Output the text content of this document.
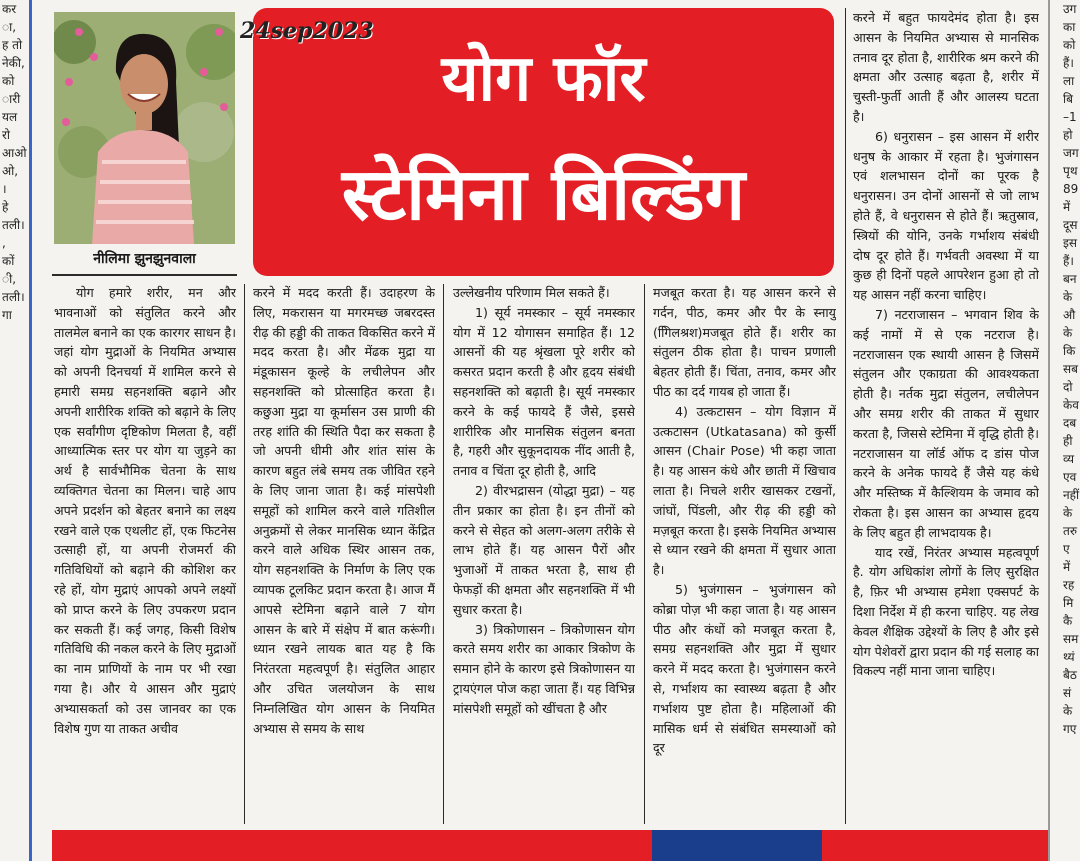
कर
ा,
ह तो
नेकी,
को
ारी
यल
रो
आओ
ओ,
।
हे
तली।
,
कों
ी,
तली।
गा
उग
का
को
हैं।
ला
बि
–1
हो
जग
पृथ
89
में
दूस
इस
हैं।
बन
के
औ
के
कि
सब
दो
केव
दब
ही
व्य
एव
नहीं
के
तरु
ए
में
रह
मि
कै
सम
थ्यं
बैठ
सं
के
गए
नीलिमा झुनझुनवाला
योग फॉर
स्टेमिना बिल्डिंग
24sep2023

योग हमारे शरीर, मन और भावनाओं को संतुलित करने और तालमेल बनाने का एक कारगर साधन है। जहां योग मुद्राओं के नियमित अभ्यास को अपनी दिनचर्या में शामिल करने से हमारी समग्र सहनशक्ति बढ़ाने और अपनी शारीरिक शक्ति को बढ़ाने के लिए एक सर्वांगीण दृष्टिकोण मिलता है, वहीं आध्यात्मिक स्तर पर योग या जुड़ने का अर्थ है सार्वभौमिक चेतना के साथ व्यक्तिगत चेतना का मिलन। चाहे आप अपने प्रदर्शन को बेहतर बनाने का लक्ष्य रखने वाले एक एथलीट हों, एक फिटनेस उत्साही हों, या अपनी रोजमर्रा की गतिविधियों को बढ़ाने की कोशिश कर रहे हों, योग मुद्राएं आपको अपने लक्ष्यों को प्राप्त करने के लिए उपकरण प्रदान कर सकती हैं। कई जगह, किसी विशेष गतिविधि की नकल करने के लिए मुद्राओं का नाम प्राणियों के नाम पर भी रखा गया है। और ये आसन और मुद्राएं अभ्यासकर्ता को उस जानवर का एक विशेष गुण या ताकत अचीव

करने में मदद करती हैं। उदाहरण के लिए, मकरासन या मगरमच्छ जबरदस्त रीढ़ की हड्डी की ताकत विकसित करने में मदद करता है। और मेंढक मुद्रा या मंडूकासन कूल्हे के लचीलेपन और सहनशक्ति को प्रोत्साहित करता है। कछुआ मुद्रा या कूर्मासन उस प्राणी की तरह शांति की स्थिति पैदा कर सकता है जो अपनी धीमी और शांत सांस के कारण बहुत लंबे समय तक जीवित रहने के लिए जाना जाता है। कई मांसपेशी समूहों को शामिल करने वाले गतिशील अनुक्रमों से लेकर मानसिक ध्यान केंद्रित करने वाले अधिक स्थिर आसन तक, योग सहनशक्ति के निर्माण के लिए एक व्यापक टूलकिट प्रदान करता है। आज मैं आपसे स्टेमिना बढ़ाने वाले 7 योग आसन के बारे में संक्षेप में बात करूंगी। ध्यान रखने लायक बात यह है कि निरंतरता महत्वपूर्ण है। संतुलित आहार और उचित जलयोजन के साथ निम्नलिखित योग आसन के नियमित अभ्यास से समय के साथ

उल्लेखनीय परिणाम मिल सकते हैं।

1) सूर्य नमस्कार – सूर्य नमस्कार योग में 12 योगासन समाहित हैं। 12 आसनों की यह श्रृंखला पूरे शरीर को कसरत प्रदान करती है और हृदय संबंधी सहनशक्ति को बढ़ाती है। सूर्य नमस्कार करने के कई फायदे हैं जैसे, इससे शारीरिक और मानसिक संतुलन बनता है, गहरी और सुकूनदायक नींद आती है, तनाव व चिंता दूर होती है, आदि

2) वीरभद्रासन (योद्धा मुद्रा) – यह तीन प्रकार का होता है। इन तीनों को करने से सेहत को अलग-अलग तरीके से लाभ होते हैं। यह आसन पैरों और भुजाओं में ताकत भरता है, साथ ही फेफड़ों की क्षमता और सहनशक्ति में भी सुधार करता है।

3) त्रिकोणासन – त्रिकोणासन योग करते समय शरीर का आकार त्रिकोण के समान होने के कारण इसे त्रिकोणासन या ट्रायएंगल पोज कहा जाता हैं। यह विभिन्न मांसपेशी समूहों को खींचता है और

मजबूत करता है। यह आसन करने से गर्दन, पीठ, कमर और पैर के स्नायु (गििलश्रश)मजबूत होते हैं। शरीर का संतुलन ठीक होता है। पाचन प्रणाली बेहतर होती हैं। चिंता, तनाव, कमर और पीठ का दर्द गायब हो जाता हैं।

4) उत्कटासन – योग विज्ञान में उत्कटासन (Utkatasana) को कुर्सी आसन (Chair Pose) भी कहा जाता है। यह आसन कंधे और छाती में खिचाव लाता है। निचले शरीर खासकर टखनों, जांघों, पिंडली, और रीढ़ की हड्डी को मज़बूत करता है। इसके नियमित अभ्यास से ध्यान रखने की क्षमता में सुधार आता है।

5) भुजंगासन – भुजंगासन को कोब्रा पोज़ भी कहा जाता है। यह आसन पीठ और कंधों को मजबूत करता है, समग्र सहनशक्ति और मुद्रा में सुधार करने में मदद करता है। भुजंगासन करने से, गर्भाशय का स्वास्थ्य बढ़ता है और गर्भाशय पुष्ट होता है। महिलाओं की मासिक धर्म से संबंधित समस्याओं को दूर

करने में बहुत फायदेमंद होता है। इस आसन के नियमित अभ्यास से मानसिक तनाव दूर होता है, शारीरिक श्रम करने की क्षमता और उत्साह बढ़ता है, शरीर में चुस्ती-फुर्ती आती हैं और आलस्य घटता है।

6) धनुरासन – इस आसन में शरीर धनुष के आकार में रहता है। भुजंगासन एवं शलभासन दोनों का पूरक है धनुरासन। उन दोनों आसनों से जो लाभ होते हैं, वे धनुरासन से होते हैं। ऋतुस्राव, स्त्रियों की योनि, उनके गर्भाशय संबंधी दोष दूर होते हैं। गर्भवती अवस्था में या कुछ ही दिनों पहले आपरेशन हुआ हो तो यह आसन नहीं करना चाहिए।

7) नटराजासन – भगवान शिव के कई नामों में से एक नटराज है। नटराजासन एक स्थायी आसन है जिसमें संतुलन और एकाग्रता की आवश्यकता होती है। नर्तक मुद्रा संतुलन, लचीलेपन और समग्र शरीर की ताकत में सुधार करता है, जिससे स्टेमिना में वृद्धि होती है। नटराजासन या लॉर्ड ऑफ द डांस पोज करने के अनेक फायदे हैं जैसे यह कंधे और मस्तिष्क में कैल्शियम के जमाव को रोकता है। इस आसन का अभ्यास हृदय के लिए बहुत ही लाभदायक है।

याद रखें, निरंतर अभ्यास महत्वपूर्ण है. योग अधिकांश लोगों के लिए सुरक्षित है, फ़िर भी अभ्यास हमेशा एक्सपर्ट के दिशा निर्देश में ही करना चाहिए. यह लेख केवल शैक्षिक उद्देश्यों के लिए है और इसे योग पेशेवरों द्वारा प्रदान की गई सलाह का विकल्प नहीं माना जाना चाहिए।
